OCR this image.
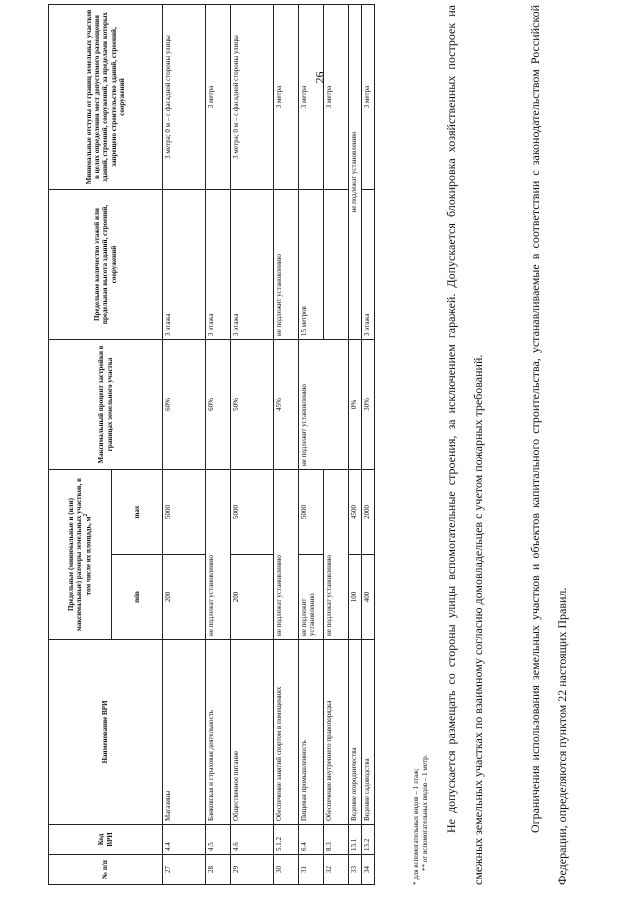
26
№ п/п	Код ВРИ	Наименование ВРИ	Предельные (минимальные и (или) максимальные) размеры земельных участков, в том числе их площадь, $м^2$		Максимальный процент застройки в границах земельного участка	Предельное количество этажей или предельная высота зданий, строений, сооружений	Минимальные отступы от границ земельных участков в целях определения мест допустимого размещения зданий, строений, сооружений, за пределами которых запрещено строительство зданий, строений, сооружений
			min	max			
27	4.4	Магазины	200	5000	60%	3 этажа	3 метра; 0 м – с фасадной стороны улицы
28	4.5	Банковская и страховая деятельность	не подлежат установлению		60%	3 этажа	3 метра
29	4.6	Общественное питание	200	5000	50%	3 этажа	3 метра; 0 м – с фасадной стороны улицы
30	5.1.2	Обеспечение занятий спортом в помещениях	не подлежат установлению		45%	не подлежит установлению	3 метра
31	6.4	Пищевая промышленность	не подлежит установлению	5000	не подлежит установлению	15 метров	3 метра
32	8.3	Обеспечение внутреннего правопорядка	не подлежат установлению				3 метра
33	13.1	Ведение огородничества	100	4500	0%	не подлежат установлению	
34	13.2	Ведение садоводства	400	2000	30%	3 этажа	3 метра
* для вспомогательных видов – 1 этаж; ** от вспомогательных видов – 1 метр.	Не допускается размещать со стороны улицы вспомогательные строения, за исключением гаражей. Допускается блокировка хозяйственных построек на смежных земельных участках по взаимному согласию домовладельцев с учетом пожарных требований.	Ограничения использования земельных участков и объектов капитального строительства, устанавливаемые в соответствии с законодательством Российской Федерации, определяются пунктом 22 настоящих Правил.
